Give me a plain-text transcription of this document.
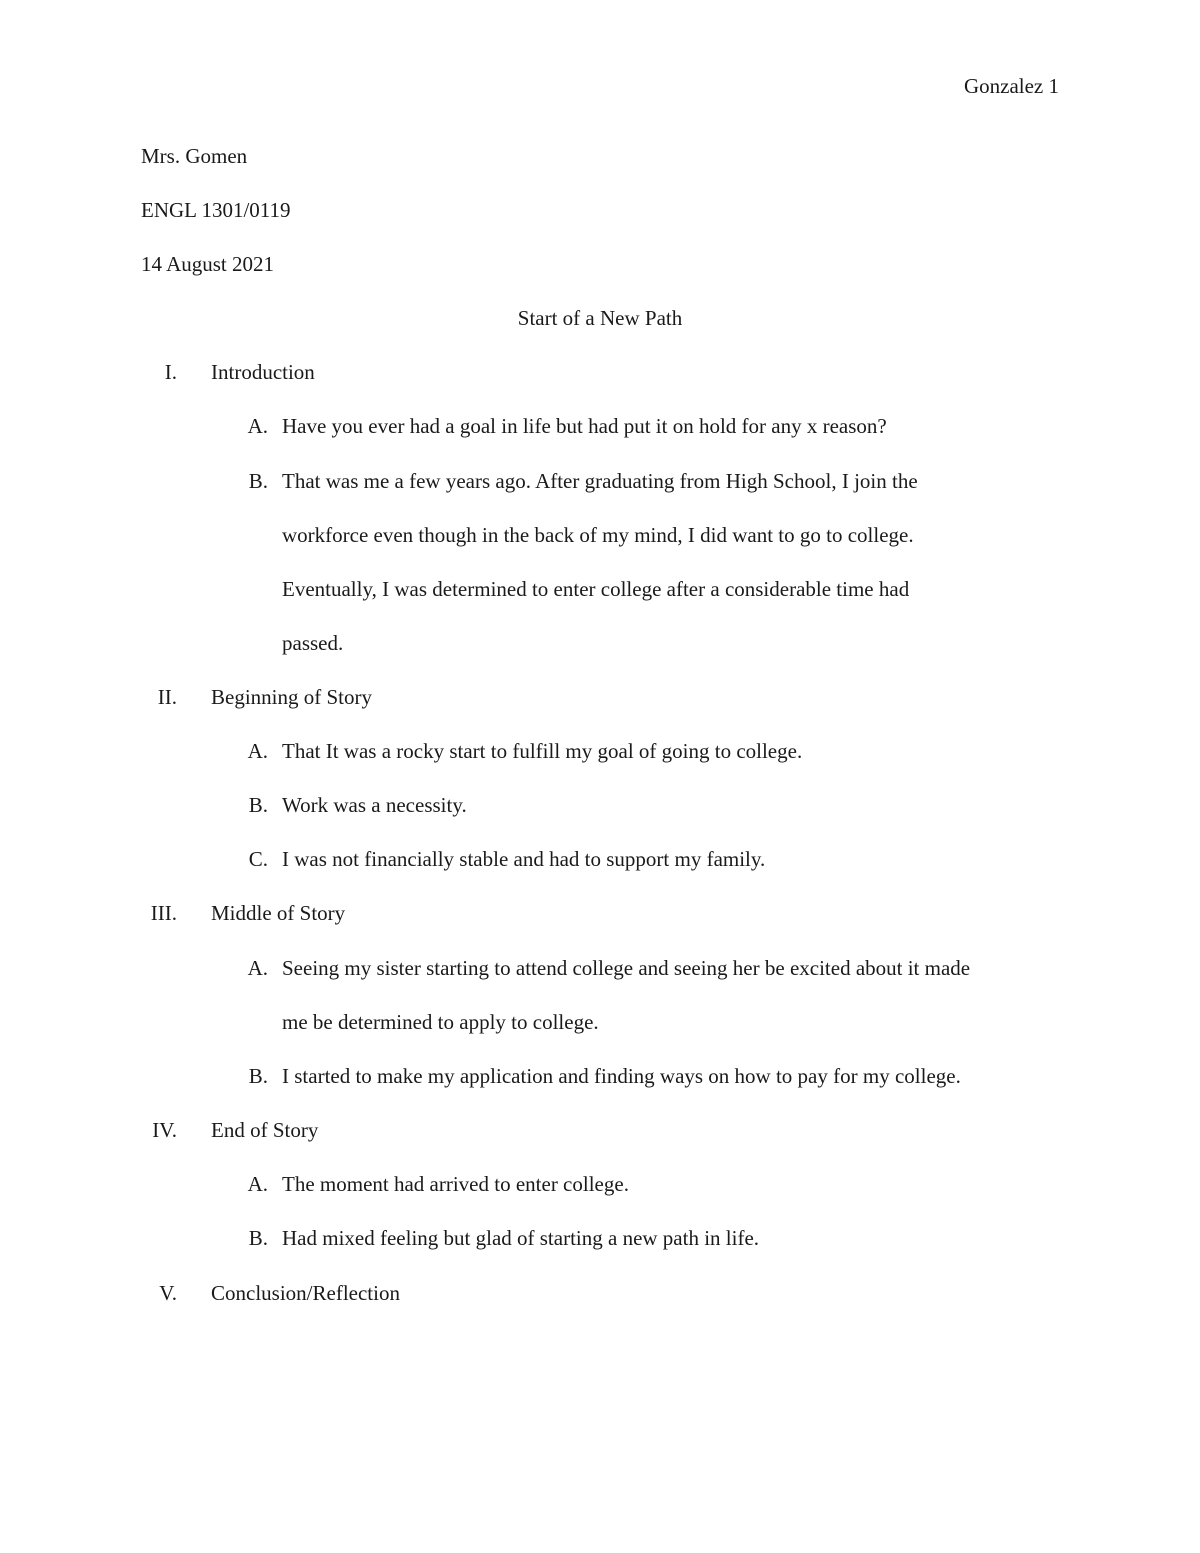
Gonzalez 1
Mrs. Gomen
ENGL 1301/0119
14 August 2021
Start of a New Path
I. Introduction
A. Have you ever had a goal in life but had put it on hold for any x reason?
B. That was me a few years ago. After graduating from High School, I join the
workforce even though in the back of my mind, I did want to go to college.
Eventually, I was determined to enter college after a considerable time had
passed.
II. Beginning of Story
A. That It was a rocky start to fulfill my goal of going to college.
B. Work was a necessity.
C. I was not financially stable and had to support my family.
III. Middle of Story
A. Seeing my sister starting to attend college and seeing her be excited about it made
me be determined to apply to college.
B. I started to make my application and finding ways on how to pay for my college.
IV. End of Story
A. The moment had arrived to enter college.
B. Had mixed feeling but glad of starting a new path in life.
V. Conclusion/Reflection
